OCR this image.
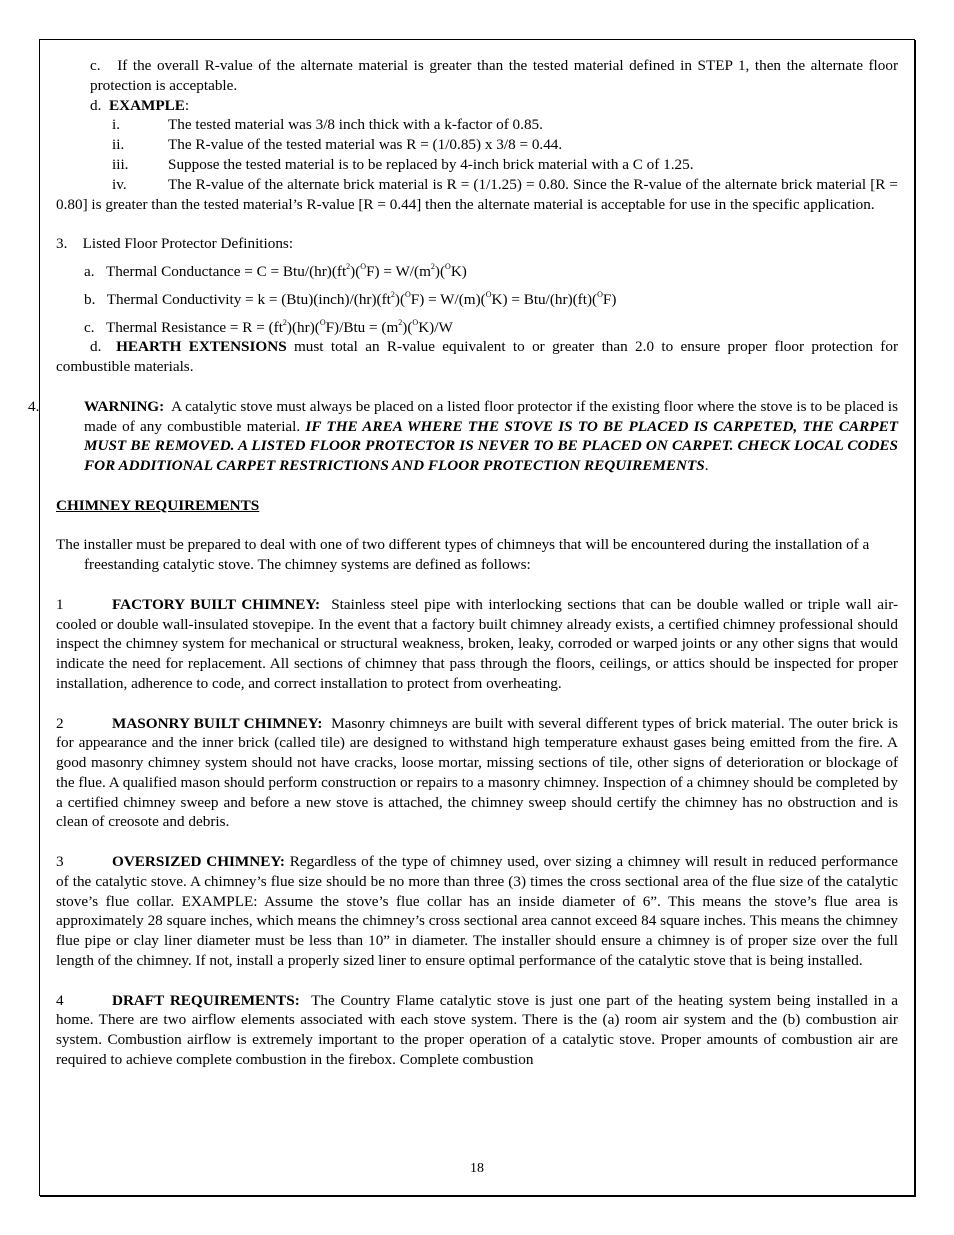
c. If the overall R-value of the alternate material is greater than the tested material defined in STEP 1, then the alternate floor protection is acceptable.

d. EXAMPLE:

i.	The tested material was 3/8 inch thick with a k-factor of 0.85.
ii.	The R-value of the tested material was R = (1/0.85) x 3/8 = 0.44.
iii.	Suppose the tested material is to be replaced by 4-inch brick material with a C of 1.25.

iv.	The R-value of the alternate brick material is R = (1/1.25) = 0.80. Since the R-value of the alternate brick material [R = 0.80] is greater than the tested material’s R-value [R = 0.44] then the alternate material is acceptable for use in the specific application.

3. Listed Floor Protector Definitions:

a. Thermal Conductance = C = Btu/$(hr)(ft^2)(^OF) = W/(m^2)(^OK)$

b. Thermal Conductivity = $k = (Btu)(inch)/(hr)(ft^2)(^OF) = W/(m)(^OK) = Btu/(hr)(ft)(^OF)$

c. Thermal Resistance = $R = (ft^2)(hr)(^OF)$/Btu = $(m^2)(^OK)/W$

d. HEARTH EXTENSIONS must total an R-value equivalent to or greater than 2.0 to ensure proper floor protection for combustible materials.

4.	WARNING: A catalytic stove must always be placed on a listed floor protector if the existing floor where the stove is to be placed is made of any combustible material. IF THE AREA WHERE THE STOVE IS TO BE PLACED IS CARPETED, THE CARPET MUST BE REMOVED. A LISTED FLOOR PROTECTOR IS NEVER TO BE PLACED ON CARPET. CHECK LOCAL CODES FOR ADDITIONAL CARPET RESTRICTIONS AND FLOOR PROTECTION REQUIREMENTS.

CHIMNEY REQUIREMENTS

The installer must be prepared to deal with one of two different types of chimneys that will be encountered during the installation of a freestanding catalytic stove. The chimney systems are defined as follows:

1	FACTORY BUILT CHIMNEY: Stainless steel pipe with interlocking sections that can be double walled or triple wall air-cooled or double wall-insulated stovepipe. In the event that a factory built chimney already exists, a certified chimney professional should inspect the chimney system for mechanical or structural weakness, broken, leaky, corroded or warped joints or any other signs that would indicate the need for replacement. All sections of chimney that pass through the floors, ceilings, or attics should be inspected for proper installation, adherence to code, and correct installation to protect from overheating.

2	MASONRY BUILT CHIMNEY: Masonry chimneys are built with several different types of brick material. The outer brick is for appearance and the inner brick (called tile) are designed to withstand high temperature exhaust gases being emitted from the fire. A good masonry chimney system should not have cracks, loose mortar, missing sections of tile, other signs of deterioration or blockage of the flue. A qualified mason should perform construction or repairs to a masonry chimney. Inspection of a chimney should be completed by a certified chimney sweep and before a new stove is attached, the chimney sweep should certify the chimney has no obstruction and is clean of creosote and debris.

3	OVERSIZED CHIMNEY: Regardless of the type of chimney used, over sizing a chimney will result in reduced performance of the catalytic stove. A chimney’s flue size should be no more than three (3) times the cross sectional area of the flue size of the catalytic stove’s flue collar. EXAMPLE: Assume the stove’s flue collar has an inside diameter of 6”. This means the stove’s flue area is approximately 28 square inches, which means the chimney’s cross sectional area cannot exceed 84 square inches. This means the chimney flue pipe or clay liner diameter must be less than 10” in diameter. The installer should ensure a chimney is of proper size over the full length of the chimney. If not, install a properly sized liner to ensure optimal performance of the catalytic stove that is being installed.

4	DRAFT REQUIREMENTS: The Country Flame catalytic stove is just one part of the heating system being installed in a home. There are two airflow elements associated with each stove system. There is the (a) room air system and the (b) combustion air system. Combustion airflow is extremely important to the proper operation of a catalytic stove. Proper amounts of combustion air are required to achieve complete combustion in the firebox. Complete combustion

18
